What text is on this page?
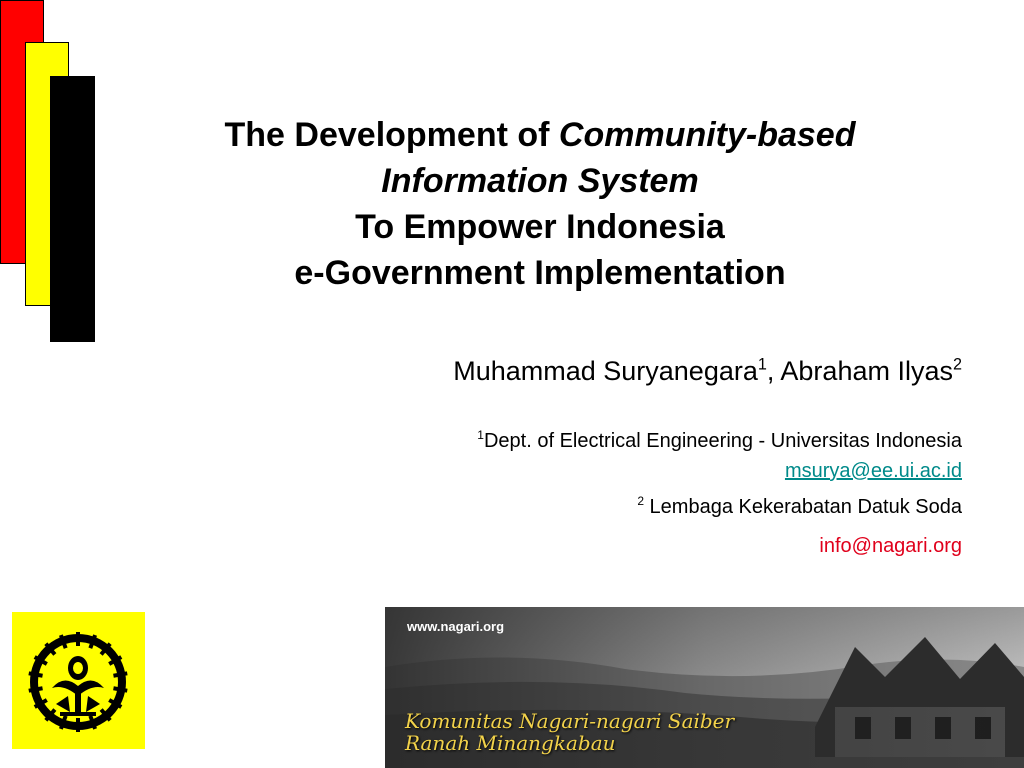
The Development of Community-based
Information System
To Empower Indonesia
e-Government Implementation
Muhammad Suryanegara$^1$, Abraham Ilyas$^2$
$^1$Dept. of Electrical Engineering - Universitas Indonesia
msurya@ee.ui.ac.id
$^2$ Lembaga Kekerabatan Datuk Soda
info@nagari.org
www.nagari.org
Komunitas Nagari-nagari Saiber
Ranah Minangkabau
